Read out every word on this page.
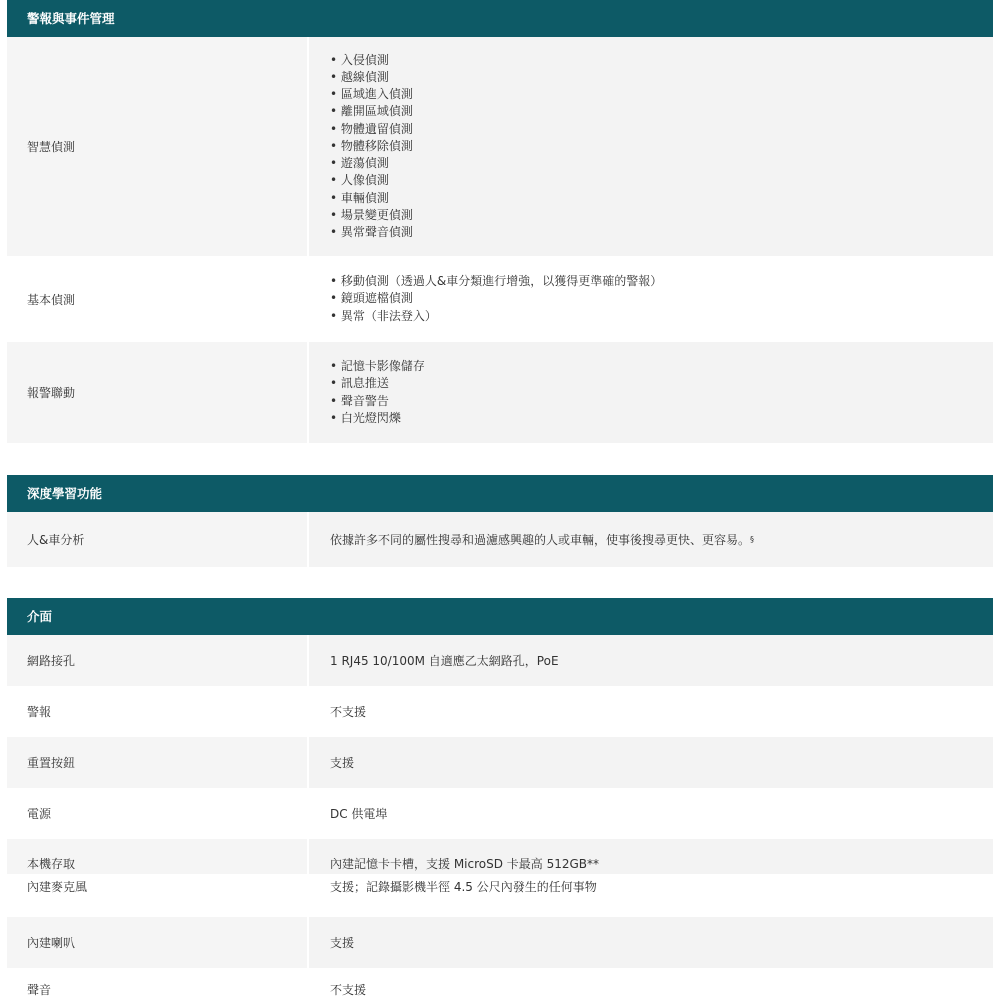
警報與事件管理
智慧偵測
• 入侵偵測
• 越線偵測
• 區域進入偵測
• 離開區域偵測
• 物體遺留偵測
• 物體移除偵測
• 遊蕩偵測
• 人像偵測
• 車輛偵測
• 場景變更偵測
• 異常聲音偵測
基本偵測
• 移動偵測（透過人&車分類進行增強，以獲得更準確的警報）
• 鏡頭遮檔偵測
• 異常（非法登入）
報警聯動
• 記憶卡影像儲存
• 訊息推送
• 聲音警告
• 白光燈閃爍
深度學習功能
人&車分析	依據許多不同的屬性搜尋和過濾感興趣的人或車輛，使事後搜尋更快、更容易。 §
介面
網路接孔	1 RJ45 10/100M 自適應乙太網路孔，PoE
警報	不支援
重置按鈕	支援
電源	DC 供電埠
本機存取	內建記憶卡卡槽，支援 MicroSD 卡最高 512GB**
內建麥克風	支援；記錄攝影機半徑 4.5 公尺內發生的任何事物
內建喇叭	支援
聲音	不支援
